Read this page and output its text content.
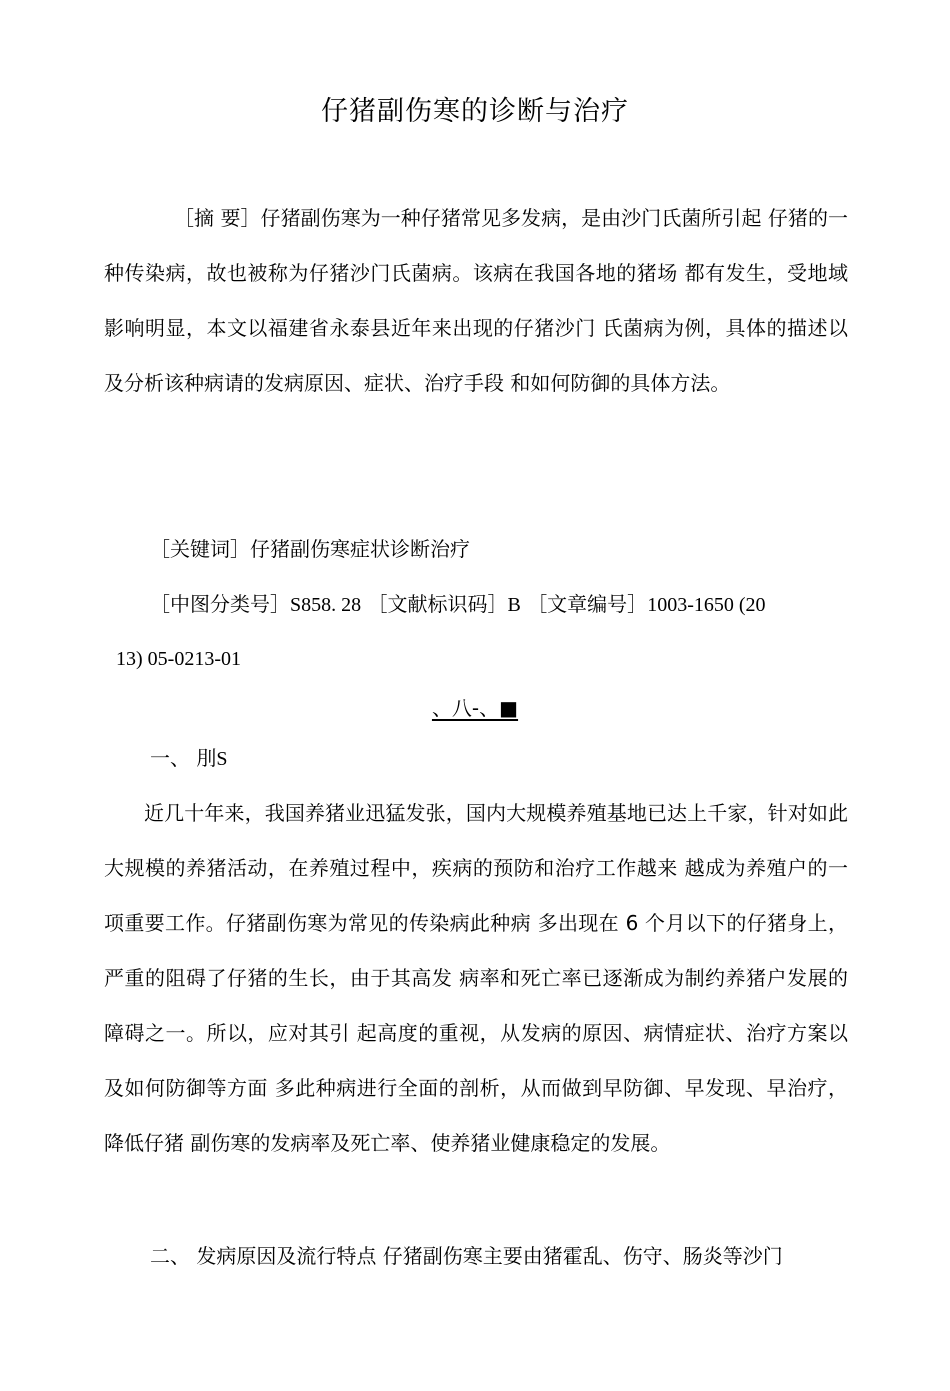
仔猪副伤寒的诊断与治疗
［摘 要］仔猪副伤寒为一种仔猪常见多发病，是由沙门氏菌所引起 仔猪的一种传染病，故也被称为仔猪沙门氏菌病。该病在我国各地的猪场 都有发生，受地域影响明显，本文以福建省永泰县近年来出现的仔猪沙门 氏菌病为例，具体的描述以及分析该种病请的发病原因、症状、治疗手段 和如何防御的具体方法。
［关键词］仔猪副伤寒症状诊断治疗
［中图分类号］S858. 28 ［文献标识码］B ［文章编号］1003-1650 (20
13) 05-0213-01
、八-、■
一、 刖S
近几十年来，我国养猪业迅猛发张，国内大规模养殖基地已达上千家，针对如此大规模的养猪活动，在养殖过程中，疾病的预防和治疗工作越来 越成为养殖户的一项重要工作。仔猪副伤寒为常见的传染病此种病 多出现在 6 个月以下的仔猪身上，严重的阻碍了仔猪的生长，由于其高发 病率和死亡率已逐渐成为制约养猪户发展的障碍之一。所以，应对其引 起高度的重视，从发病的原因、病情症状、治疗方案以及如何防御等方面 多此种病进行全面的剖析，从而做到早防御、早发现、早治疗，降低仔猪 副伤寒的发病率及死亡率、使养猪业健康稳定的发展。
二、 发病原因及流行特点 仔猪副伤寒主要由猪霍乱、伤守、肠炎等沙门
